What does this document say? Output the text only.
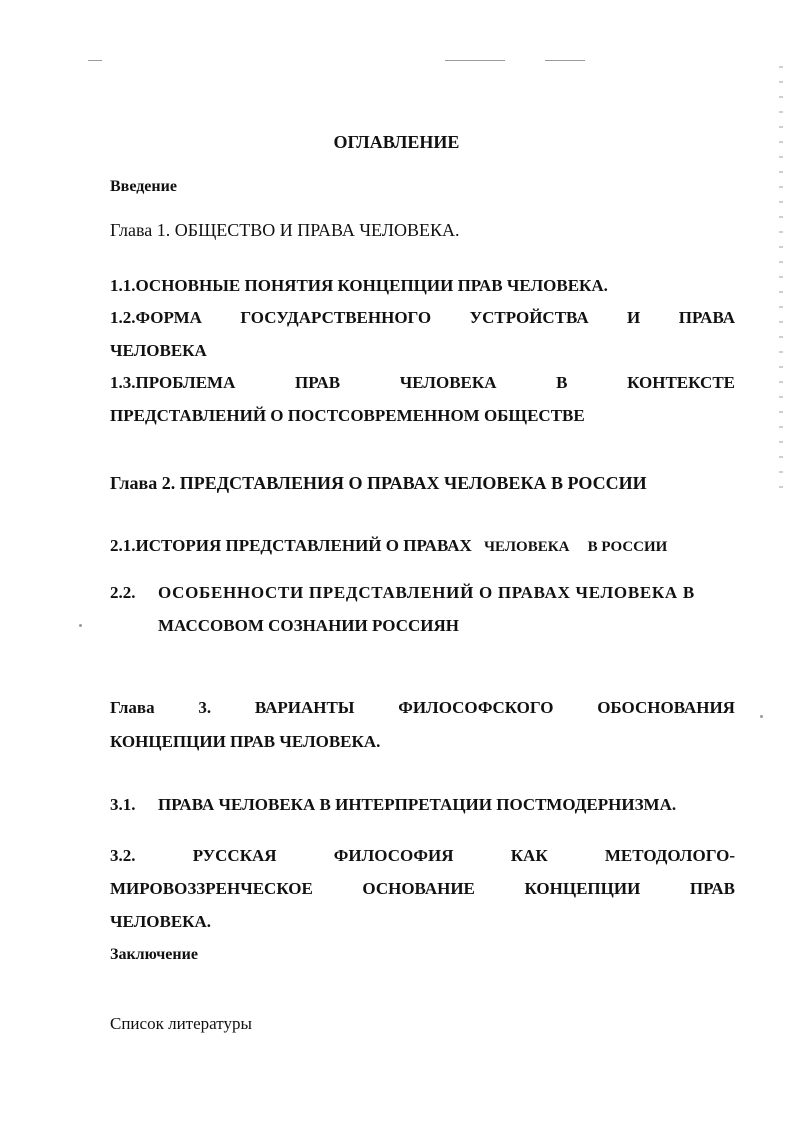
ОГЛАВЛЕНИЕ
Введение
Глава 1. ОБЩЕСТВО И ПРАВА ЧЕЛОВЕКА.
1.1.ОСНОВНЫЕ ПОНЯТИЯ КОНЦЕПЦИИ ПРАВ ЧЕЛОВЕКА.
1.2.ФОРМА ГОСУДАРСТВЕННОГО УСТРОЙСТВА И ПРАВА
ЧЕЛОВЕКА
1.3.ПРОБЛЕМА	ПРАВ	ЧЕЛОВЕКА	В	КОНТЕКСТЕ
ПРЕДСТАВЛЕНИЙ О ПОСТСОВРЕМЕННОМ ОБЩЕСТВЕ
Глава 2. ПРЕДСТАВЛЕНИЯ О ПРАВАХ ЧЕЛОВЕКА В РОССИИ
2.1.ИСТОРИЯ ПРЕДСТАВЛЕНИЙ О ПРАВАХ ЧЕЛОВЕКА В РОССИИ
2.2. ОСОБЕННОСТИ ПРЕДСТАВЛЕНИЙ О ПРАВАХ ЧЕЛОВЕКА В
МАССОВОМ СОЗНАНИИ РОССИЯН
Глава	3.	ВАРИАНТЫ	ФИЛОСОФСКОГО	ОБОСНОВАНИЯ
КОНЦЕПЦИИ ПРАВ ЧЕЛОВЕКА.
3.1. ПРАВА ЧЕЛОВЕКА В ИНТЕРПРЕТАЦИИ ПОСТМОДЕРНИЗМА.
3.2.	РУССКАЯ	ФИЛОСОФИЯ	КАК	МЕТОДОЛОГО-
МИРОВОЗЗРЕНЧЕСКОЕ	ОСНОВАНИЕ	КОНЦЕПЦИИ	ПРАВ
ЧЕЛОВЕКА.
Заключение
Список литературы
